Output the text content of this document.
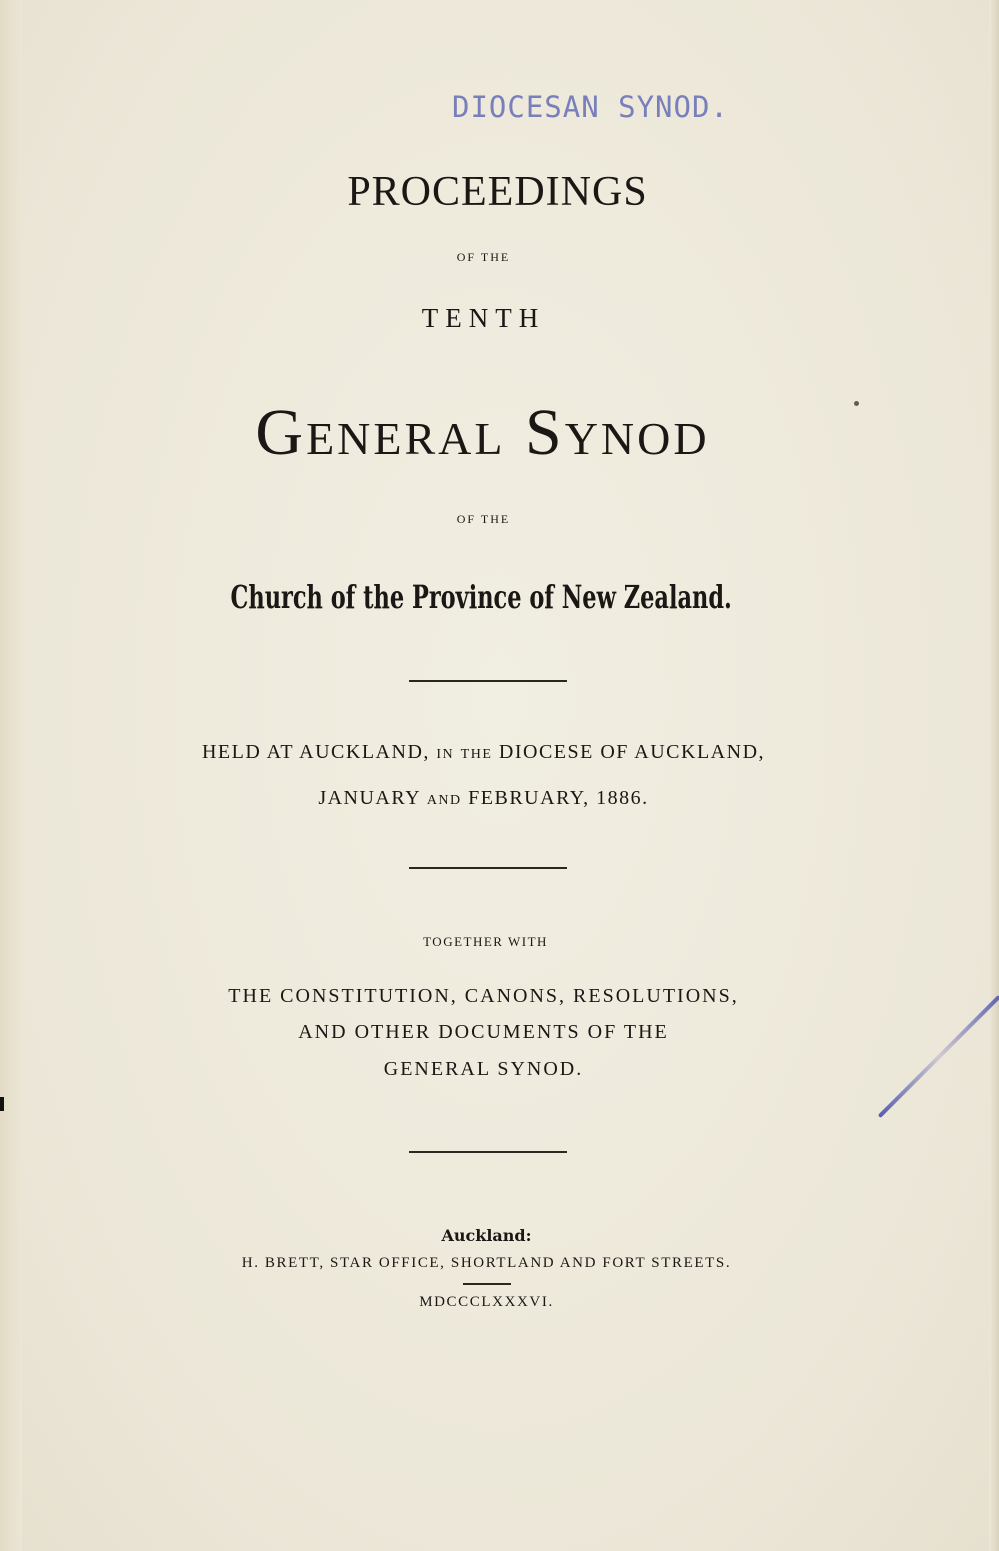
DIOCESAN SYNOD.
PROCEEDINGS
OF THE
TENTH
General Synod
OF THE
Church of the Province of New Zealand.
HELD AT AUCKLAND, in the DIOCESE OF AUCKLAND,
JANUARY and FEBRUARY, 1886.
TOGETHER WITH
THE CONSTITUTION, CANONS, RESOLUTIONS,
AND OTHER DOCUMENTS OF THE
GENERAL SYNOD.
Auckland:
H. BRETT, STAR OFFICE, SHORTLAND AND FORT STREETS.
MDCCCLXXXVI.
